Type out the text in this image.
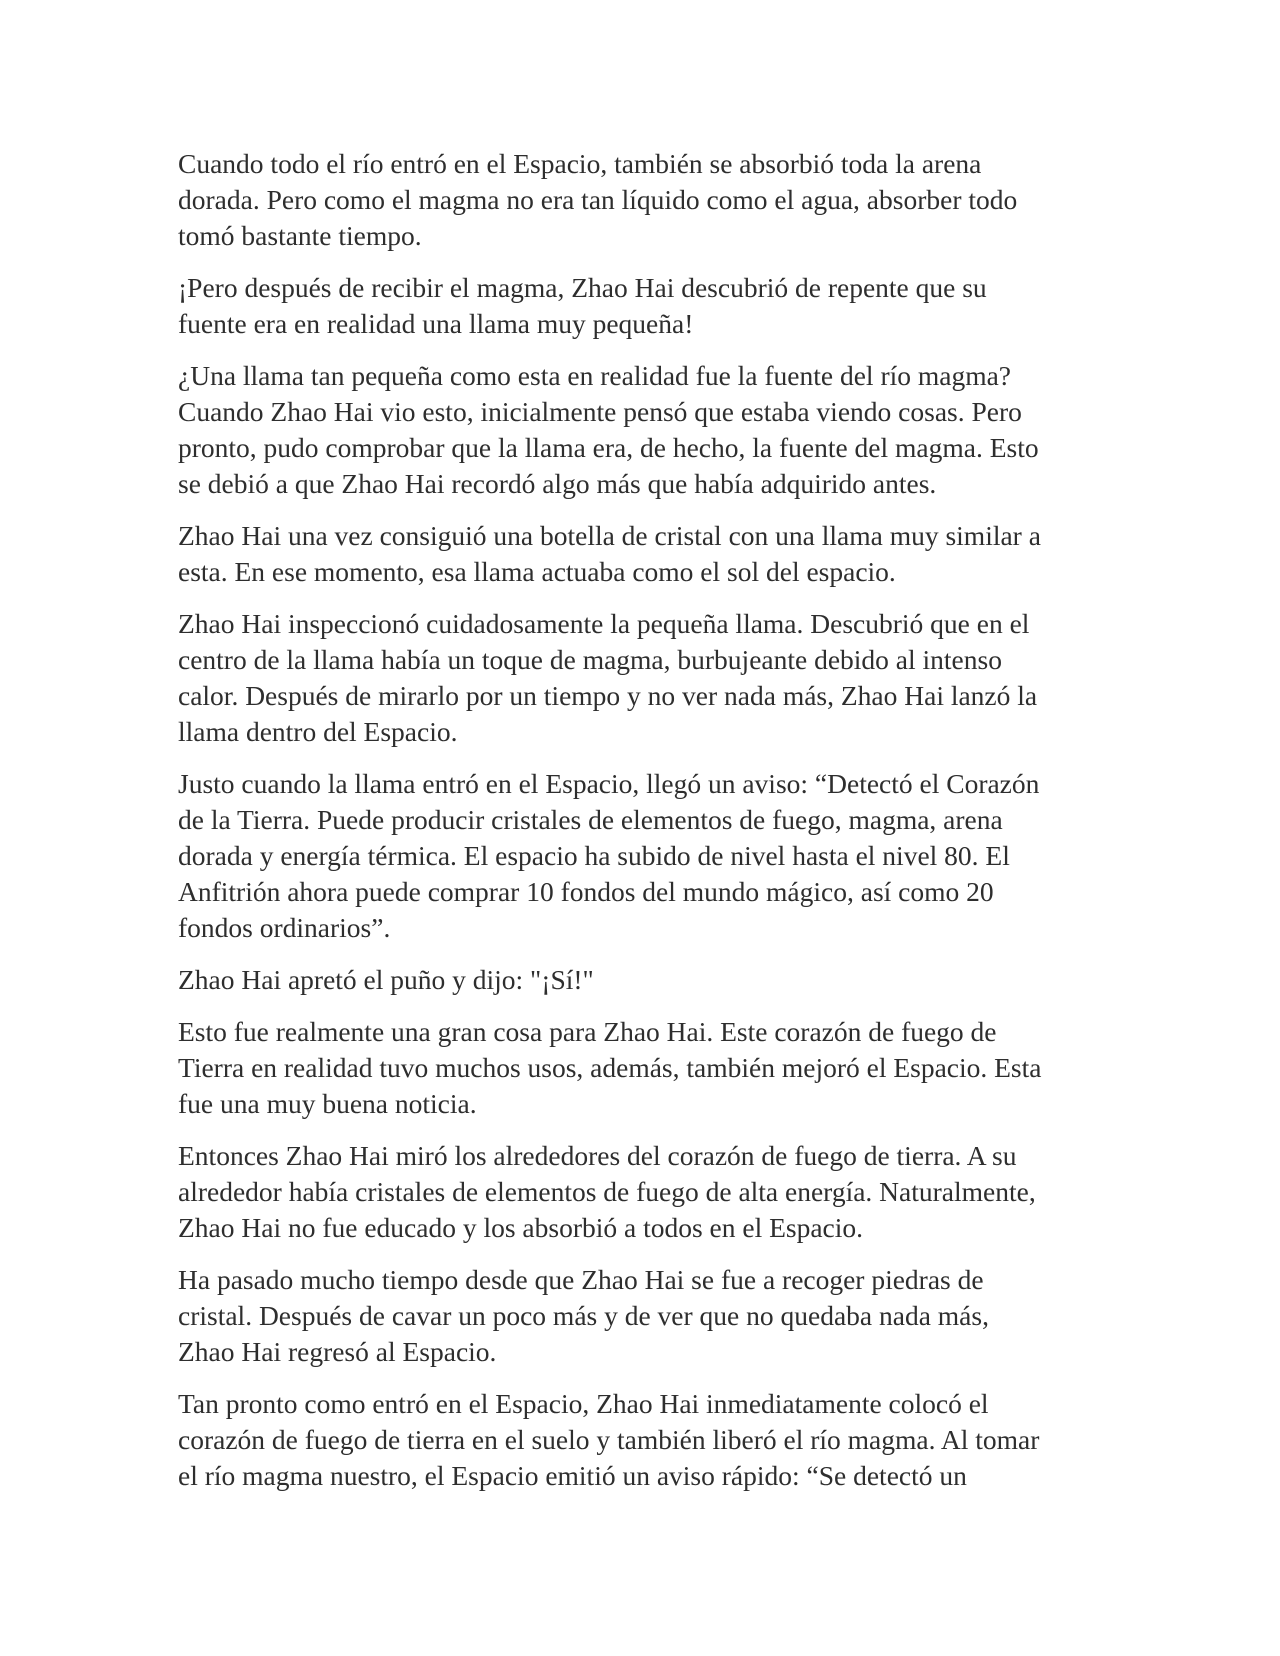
Cuando todo el río entró en el Espacio, también se absorbió toda la arena
dorada. Pero como el magma no era tan líquido como el agua, absorber todo
tomó bastante tiempo.

¡Pero después de recibir el magma, Zhao Hai descubrió de repente que su
fuente era en realidad una llama muy pequeña!

¿Una llama tan pequeña como esta en realidad fue la fuente del río magma?
Cuando Zhao Hai vio esto, inicialmente pensó que estaba viendo cosas. Pero
pronto, pudo comprobar que la llama era, de hecho, la fuente del magma. Esto
se debió a que Zhao Hai recordó algo más que había adquirido antes.

Zhao Hai una vez consiguió una botella de cristal con una llama muy similar a
esta. En ese momento, esa llama actuaba como el sol del espacio.

Zhao Hai inspeccionó cuidadosamente la pequeña llama. Descubrió que en el
centro de la llama había un toque de magma, burbujeante debido al intenso
calor. Después de mirarlo por un tiempo y no ver nada más, Zhao Hai lanzó la
llama dentro del Espacio.

Justo cuando la llama entró en el Espacio, llegó un aviso: “Detectó el Corazón
de la Tierra. Puede producir cristales de elementos de fuego, magma, arena
dorada y energía térmica. El espacio ha subido de nivel hasta el nivel 80. El
Anfitrión ahora puede comprar 10 fondos del mundo mágico, así como 20
fondos ordinarios”.

Zhao Hai apretó el puño y dijo: "¡Sí!"

Esto fue realmente una gran cosa para Zhao Hai. Este corazón de fuego de
Tierra en realidad tuvo muchos usos, además, también mejoró el Espacio. Esta
fue una muy buena noticia.

Entonces Zhao Hai miró los alrededores del corazón de fuego de tierra. A su
alrededor había cristales de elementos de fuego de alta energía. Naturalmente,
Zhao Hai no fue educado y los absorbió a todos en el Espacio.

Ha pasado mucho tiempo desde que Zhao Hai se fue a recoger piedras de
cristal. Después de cavar un poco más y de ver que no quedaba nada más,
Zhao Hai regresó al Espacio.

Tan pronto como entró en el Espacio, Zhao Hai inmediatamente colocó el
corazón de fuego de tierra en el suelo y también liberó el río magma. Al tomar
el río magma nuestro, el Espacio emitió un aviso rápido: “Se detectó un
